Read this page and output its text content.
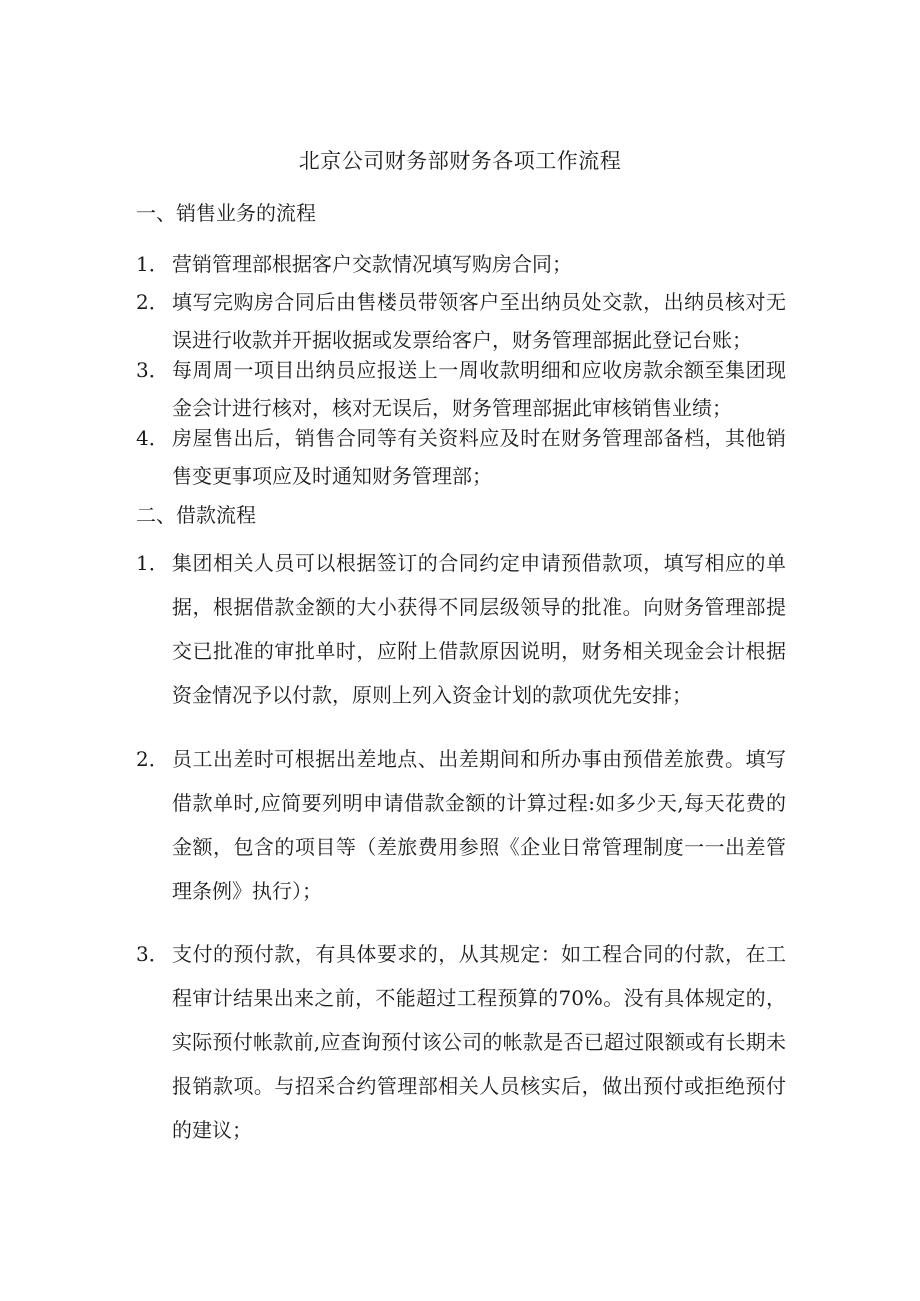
北京公司财务部财务各项工作流程
一、销售业务的流程
1． 营销管理部根据客户交款情况填写购房合同；
2． 填写完购房合同后由售楼员带领客户至出纳员处交款，出纳员核对无误进行收款并开据收据或发票给客户，财务管理部据此登记台账；
3． 每周周一项目出纳员应报送上一周收款明细和应收房款余额至集团现金会计进行核对，核对无误后，财务管理部据此审核销售业绩；
4． 房屋售出后，销售合同等有关资料应及时在财务管理部备档，其他销售变更事项应及时通知财务管理部；
二、借款流程
1． 集团相关人员可以根据签订的合同约定申请预借款项，填写相应的单据，根据借款金额的大小获得不同层级领导的批准。向财务管理部提交已批准的审批单时，应附上借款原因说明，财务相关现金会计根据资金情况予以付款，原则上列入资金计划的款项优先安排；
2． 员工出差时可根据出差地点、出差期间和所办事由预借差旅费。填写借款单时,应简要列明申请借款金额的计算过程:如多少天,每天花费的金额，包含的项目等（差旅费用参照《企业日常管理制度一一出差管理条例》执行）；
3． 支付的预付款，有具体要求的，从其规定：如工程合同的付款，在工程审计结果出来之前，不能超过工程预算的70%。没有具体规定的，实际预付帐款前,应查询预付该公司的帐款是否已超过限额或有长期未报销款项。与招采合约管理部相关人员核实后，做出预付或拒绝预付的建议；
